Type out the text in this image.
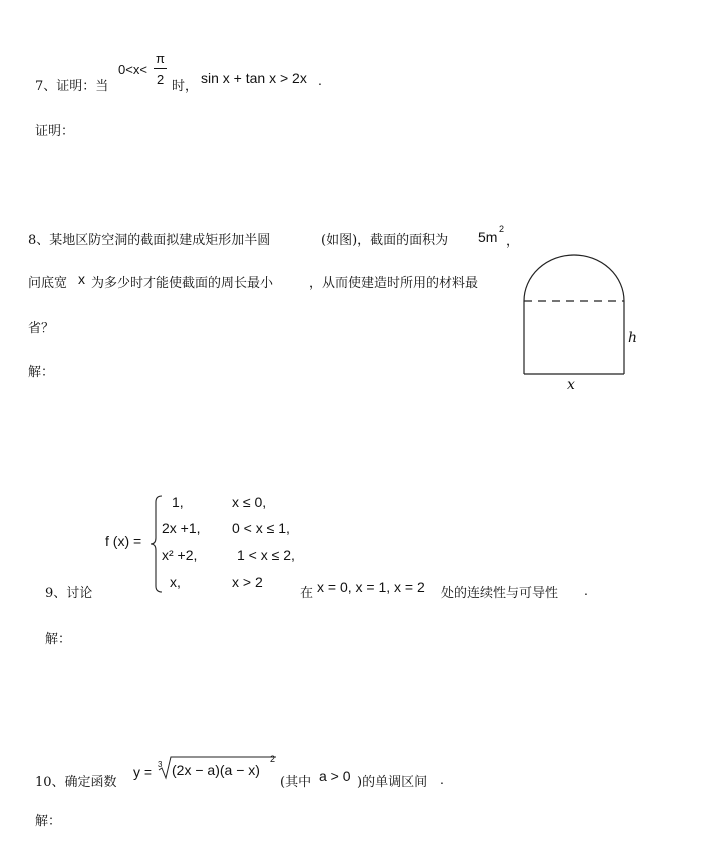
7、证明：当
0<x<
π
2 时，
sin x + tan x > 2x .
证明：
8、某地区防空洞的截面拟建成矩形加半圆	(如图)，截面的面积为 5m 2
，
问底宽 x 为多少时才能使截面的周长最小	，从而使建造时所用的材料最
省？
解：
h
x
f (x) =
1,	x ≤ 0,
2x +1, 0 < x ≤ 1,
x² +2,	1 < x ≤ 2,
x,	x > 2
9、讨论	在 x = 0, x = 1, x = 2 处的连续性与可导性 .
解：
10、确定函数
y = 3 (2x − a)(a − x)
2
(其中 a > 0 )的单调区间 .
解：
